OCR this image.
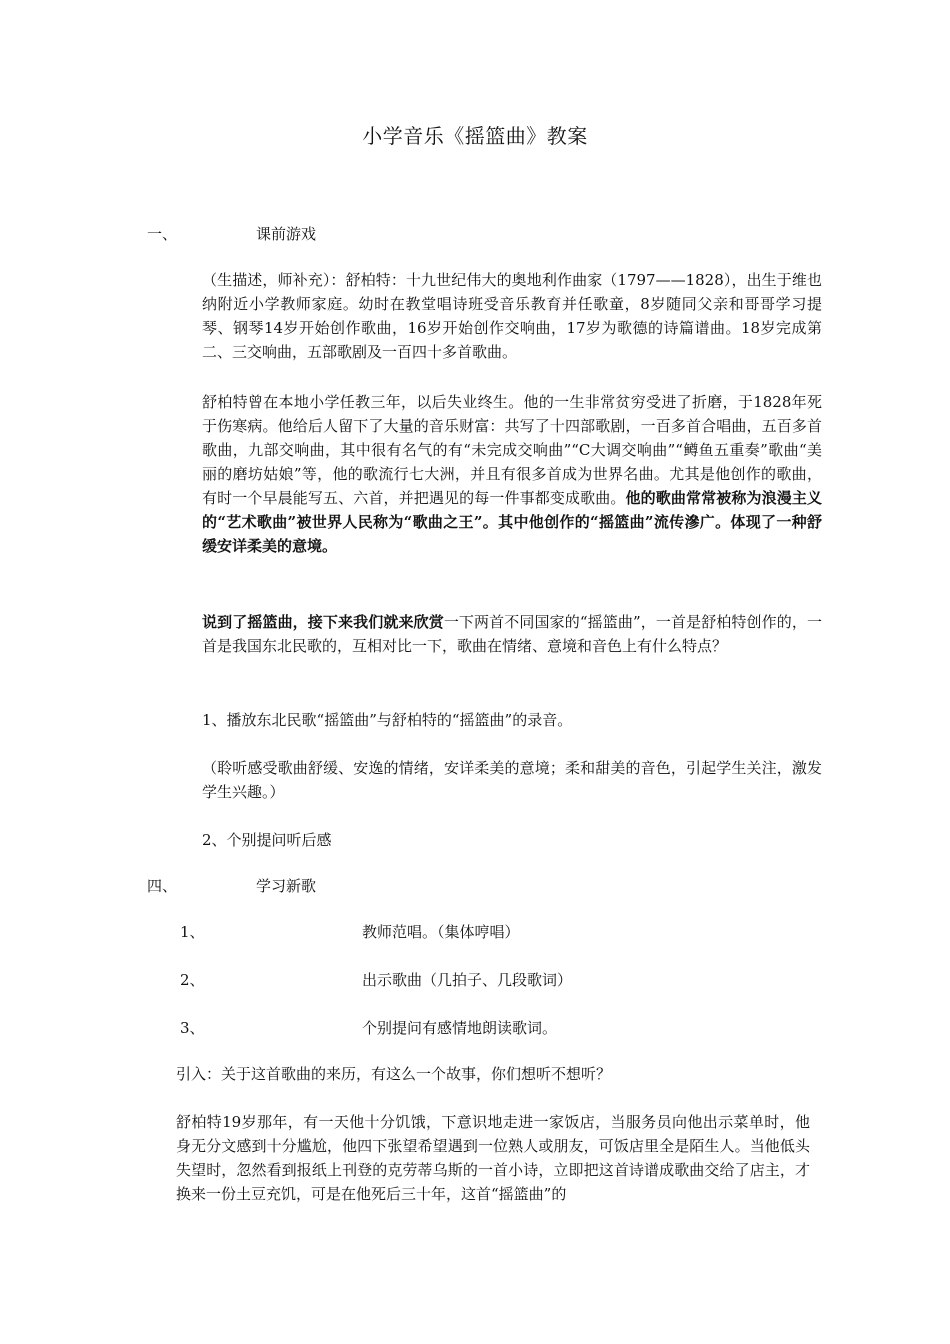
小学音乐《摇篮曲》教案
一、	课前游戏
（生描述，师补充）：舒柏特：十九世纪伟大的奥地利作曲家（1797——1828），出生于维也纳附近小学教师家庭。幼时在教堂唱诗班受音乐教育并任歌童，8岁随同父亲和哥哥学习提琴、钢琴14岁开始创作歌曲，16岁开始创作交响曲，17岁为歌德的诗篇谱曲。18岁完成第二、三交响曲，五部歌剧及一百四十多首歌曲。
舒柏特曾在本地小学任教三年，以后失业终生。他的一生非常贫穷受进了折磨，于1828年死于伤寒病。他给后人留下了大量的音乐财富：共写了十四部歌剧，一百多首合唱曲，五百多首歌曲，九部交响曲，其中很有名气的有“未完成交响曲”“C大调交响曲”“鳟鱼五重奏”歌曲“美丽的磨坊姑娘”等，他的歌流行七大洲，并且有很多首成为世界名曲。尤其是他创作的歌曲，有时一个早晨能写五、六首，并把遇见的每一件事都变成歌曲。他的歌曲常常被称为浪漫主义的“艺术歌曲”被世界人民称为“歌曲之王”。其中他创作的“摇篮曲”流传滲广。体现了一种舒缓安详柔美的意境。
说到了摇篮曲，接下来我们就来欣赏一下两首不同国家的“摇篮曲”，一首是舒柏特创作的，一首是我国东北民歌的，互相对比一下，歌曲在情绪、意境和音色上有什么特点？
1、播放东北民歌“摇篮曲”与舒柏特的“摇篮曲”的录音。
（聆听感受歌曲舒缓、安逸的情绪，安详柔美的意境；柔和甜美的音色，引起学生关注，激发学生兴趣。）
2、个别提问听后感
四、	学习新歌
1、	教师范唱。（集体哼唱）
2、	出示歌曲（几拍子、几段歌词）
3、	个别提问有感情地朗读歌词。
引入：关于这首歌曲的来历，有这么一个故事，你们想听不想听？
舒柏特19岁那年，有一天他十分饥饿，下意识地走进一家饭店，当服务员向他出示菜单时，他身无分文感到十分尴尬，他四下张望希望遇到一位熟人或朋友，可饭店里全是陌生人。当他低头失望时，忽然看到报纸上刊登的克劳蒂乌斯的一首小诗，立即把这首诗谱成歌曲交给了店主，才换来一份土豆充饥，可是在他死后三十年，这首“摇篮曲”的
